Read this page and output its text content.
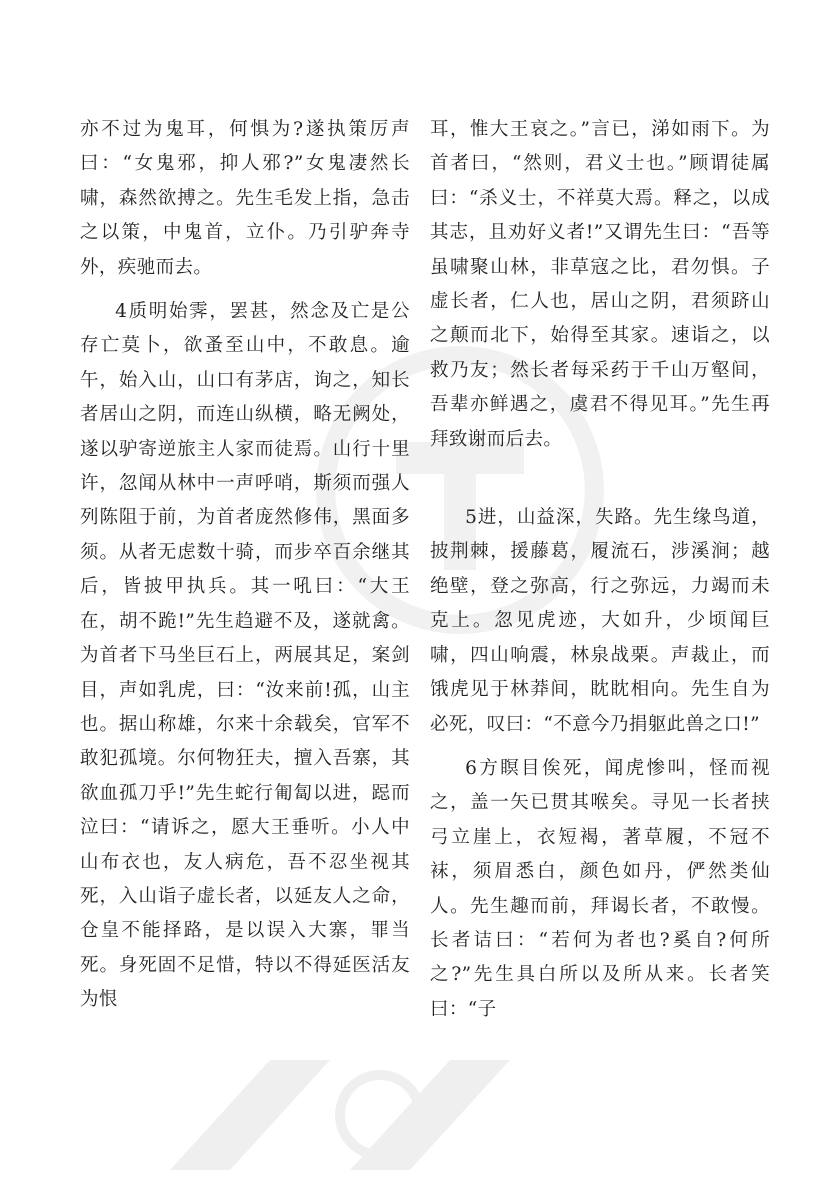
亦不过为鬼耳，何惧为?遂执策厉声曰：“女鬼邪，抑人邪?”女鬼凄然长啸，森然欲搏之。先生毛发上指，急击之以策，中鬼首，立仆。乃引驴奔寺外，疾驰而去。

4质明始霁，罢甚，然念及亡是公存亡莫卜，欲蚤至山中，不敢息。逾午，始入山，山口有茅店，询之，知长者居山之阴，而连山纵横，略无阙处，遂以驴寄逆旅主人家而徒焉。山行十里许，忽闻从林中一声呼哨，斯须而强人列陈阻于前，为首者庞然修伟，黑面多须。从者无虑数十骑，而步卒百余继其后，皆披甲执兵。其一吼曰：“大王在，胡不跪!”先生趋避不及，遂就禽。为首者下马坐巨石上，两展其足，案剑目，声如乳虎，曰：“汝来前!孤，山主也。据山称雄，尔来十余载矣，官军不敢犯孤境。尔何物狂夫，擅入吾寨，其欲血孤刀乎!”先生蛇行匍匐以进，跽而泣曰：“请诉之，愿大王垂听。小人中山布衣也，友人病危，吾不忍坐视其死，入山诣子虚长者，以延友人之命，仓皇不能择路，是以误入大寨，罪当死。身死固不足惜，特以不得延医活友为恨

耳，惟大王哀之。”言已，涕如雨下。为首者曰，“然则，君义士也。”顾谓徒属曰：“杀义士，不祥莫大焉。释之，以成其志，且劝好义者!”又谓先生曰：“吾等虽啸聚山林，非草寇之比，君勿惧。子虚长者，仁人也，居山之阴，君须跻山之颠而北下，始得至其家。速诣之，以救乃友；然长者每采药于千山万壑间，吾辈亦鲜遇之，虞君不得见耳。”先生再拜致谢而后去。

5进，山益深，失路。先生缘鸟道，披荆棘，援藤葛，履流石，涉溪涧；越绝壁，登之弥高，行之弥远，力竭而未克上。忽见虎迹，大如升，少顷闻巨啸，四山响震，林泉战栗。声裁止，而饿虎见于林莽间，眈眈相向。先生自为必死，叹曰：“不意今乃捐躯此兽之口!”

6方瞑目俟死，闻虎惨叫，怪而视之，盖一矢已贯其喉矣。寻见一长者挟弓立崖上，衣短褐，著草履，不冠不袜，须眉悉白，颜色如丹，俨然类仙人。先生趣而前，拜谒长者，不敢慢。长者诘曰：“若何为者也?奚自?何所之?”先生具白所以及所从来。长者笑曰：“子
